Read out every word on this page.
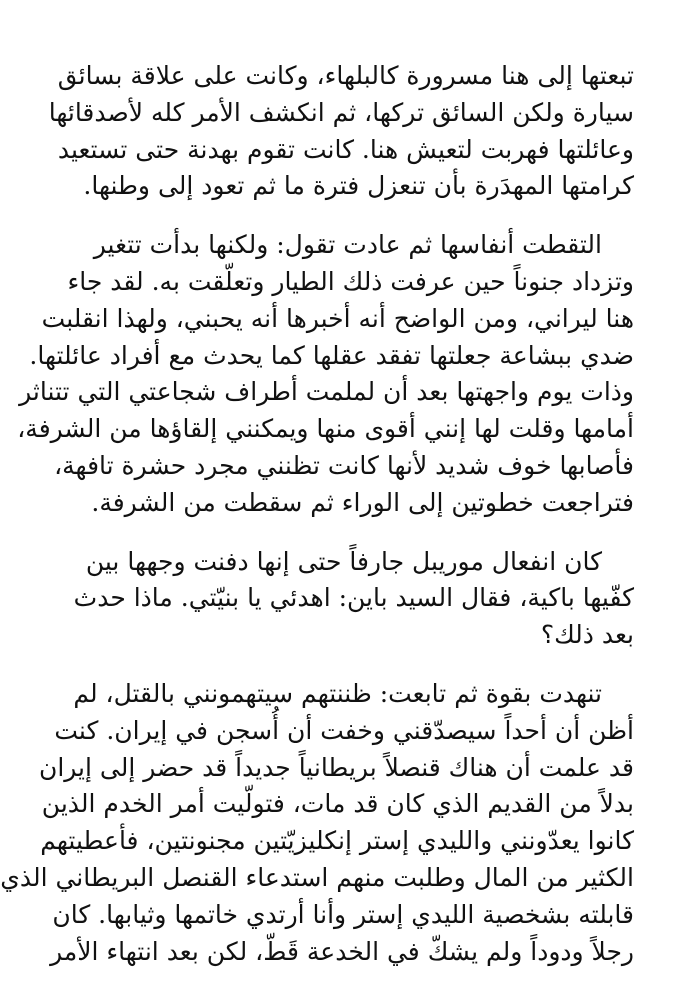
تبعتها إلى هنا مسرورة كالبلهاء، وكانت على علاقة بسائق
سيارة ولكن السائق تركها، ثم انكشف الأمر كله لأصدقائها
وعائلتها فهربت لتعيش هنا. كانت تقوم بهدنة حتى تستعيد
كرامتها المهدَرة بأن تنعزل فترة ما ثم تعود إلى وطنها.

التقطت أنفاسها ثم عادت تقول: ولكنها بدأت تتغير
وتزداد جنوناً حين عرفت ذلك الطيار وتعلّقت به. لقد جاء
هنا ليراني، ومن الواضح أنه أخبرها أنه يحبني، ولهذا انقلبت
ضدي ببشاعة جعلتها تفقد عقلها كما يحدث مع أفراد عائلتها.
وذات يوم واجهتها بعد أن لملمت أطراف شجاعتي التي تتناثر
أمامها وقلت لها إنني أقوى منها ويمكنني إلقاؤها من الشرفة،
فأصابها خوف شديد لأنها كانت تظنني مجرد حشرة تافهة،
فتراجعت خطوتين إلى الوراء ثم سقطت من الشرفة.

كان انفعال موريبل جارفاً حتى إنها دفنت وجهها بين
كفّيها باكية، فقال السيد باين: اهدئي يا بنيّتي. ماذا حدث
بعد ذلك؟

تنهدت بقوة ثم تابعت: ظننتهم سيتهمونني بالقتل، لم
أظن أن أحداً سيصدّقني وخفت أن أُسجن في إيران. كنت
قد علمت أن هناك قنصلاً بريطانياً جديداً قد حضر إلى إيران
بدلاً من القديم الذي كان قد مات، فتولّيت أمر الخدم الذين
كانوا يعدّونني والليدي إستر إنكليزيّتين مجنونتين، فأعطيتهم
الكثير من المال وطلبت منهم استدعاء القنصل البريطاني الذي
قابلته بشخصية الليدي إستر وأنا أرتدي خاتمها وثيابها. كان
رجلاً ودوداً ولم يشكّ في الخدعة قَطّ، لكن بعد انتهاء الأمر
